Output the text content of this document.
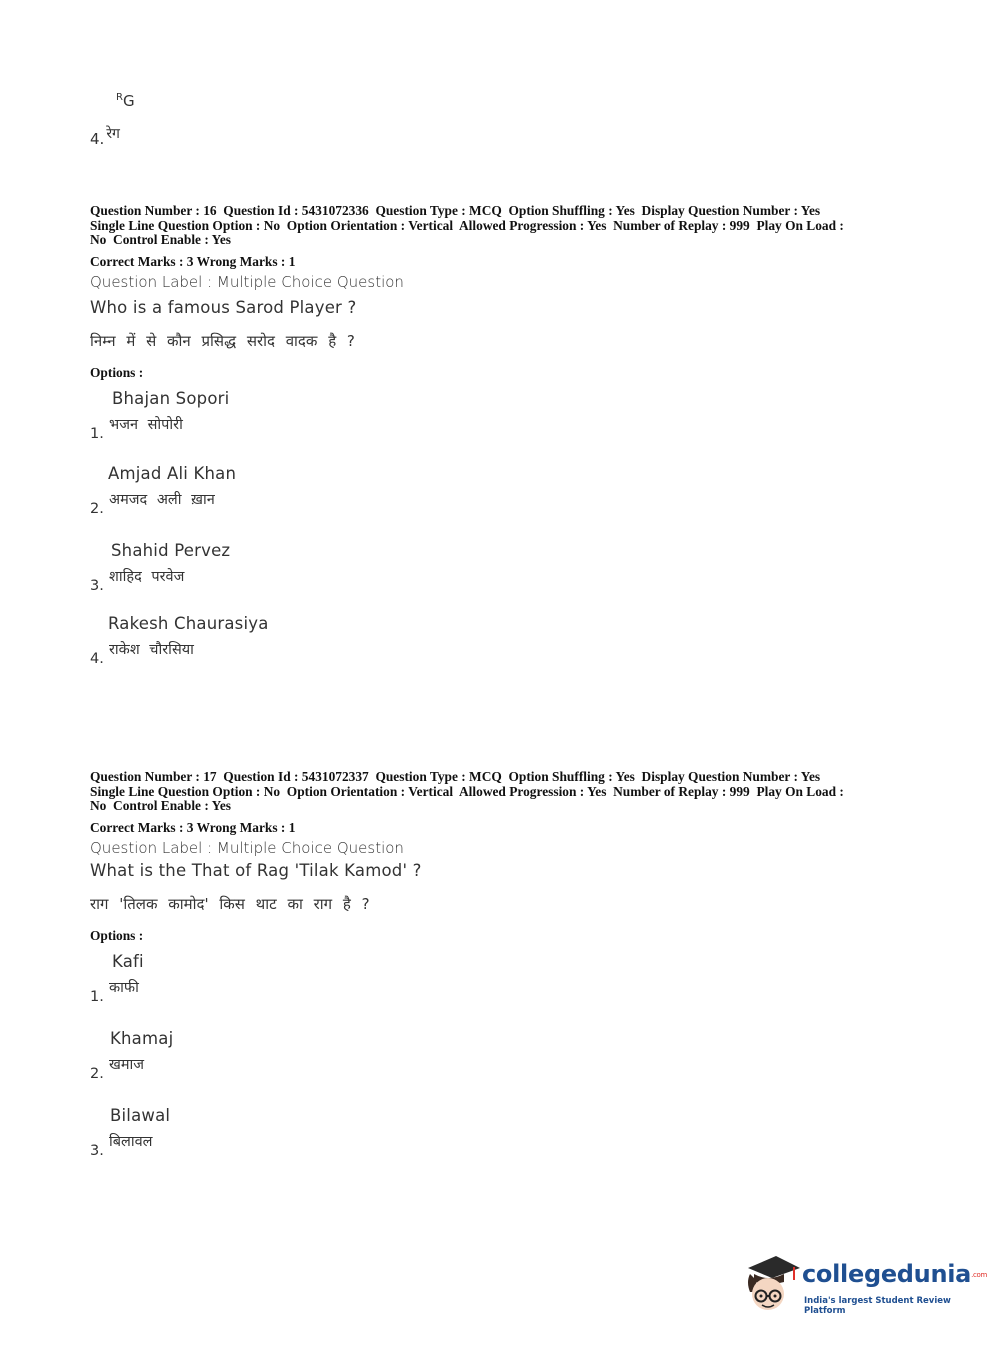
$^R$G
4. रेग
Question Number : 16  Question Id : 5431072336  Question Type : MCQ  Option Shuffling : Yes  Display Question Number : Yes
Single Line Question Option : No  Option Orientation : Vertical  Allowed Progression : Yes  Number of Replay : 999  Play On Load :
No  Control Enable : Yes
Correct Marks : 3 Wrong Marks : 1
Question Label : Multiple Choice Question
Who is a famous Sarod Player ?
निम्न में से कौन प्रसिद्ध सरोद वादक है ?
Options :
Bhajan Sopori
1.
भजन सोपोरी
Amjad Ali Khan
2.
अमजद अली ख़ान
Shahid Pervez
3.
शाहिद परवेज
Rakesh Chaurasiya
4.
राकेश चौरसिया
Question Number : 17  Question Id : 5431072337  Question Type : MCQ  Option Shuffling : Yes  Display Question Number : Yes
Single Line Question Option : No  Option Orientation : Vertical  Allowed Progression : Yes  Number of Replay : 999  Play On Load :
No  Control Enable : Yes
Correct Marks : 3 Wrong Marks : 1
Question Label : Multiple Choice Question
What is the That of Rag 'Tilak Kamod' ?
राग 'तिलक कामोद' किस थाट का राग है ?
Options :
Kafi
1.
काफी
Khamaj
2.
खमाज
Bilawal
3.
बिलावल
collegedunia.com
India's largest Student Review Platform
